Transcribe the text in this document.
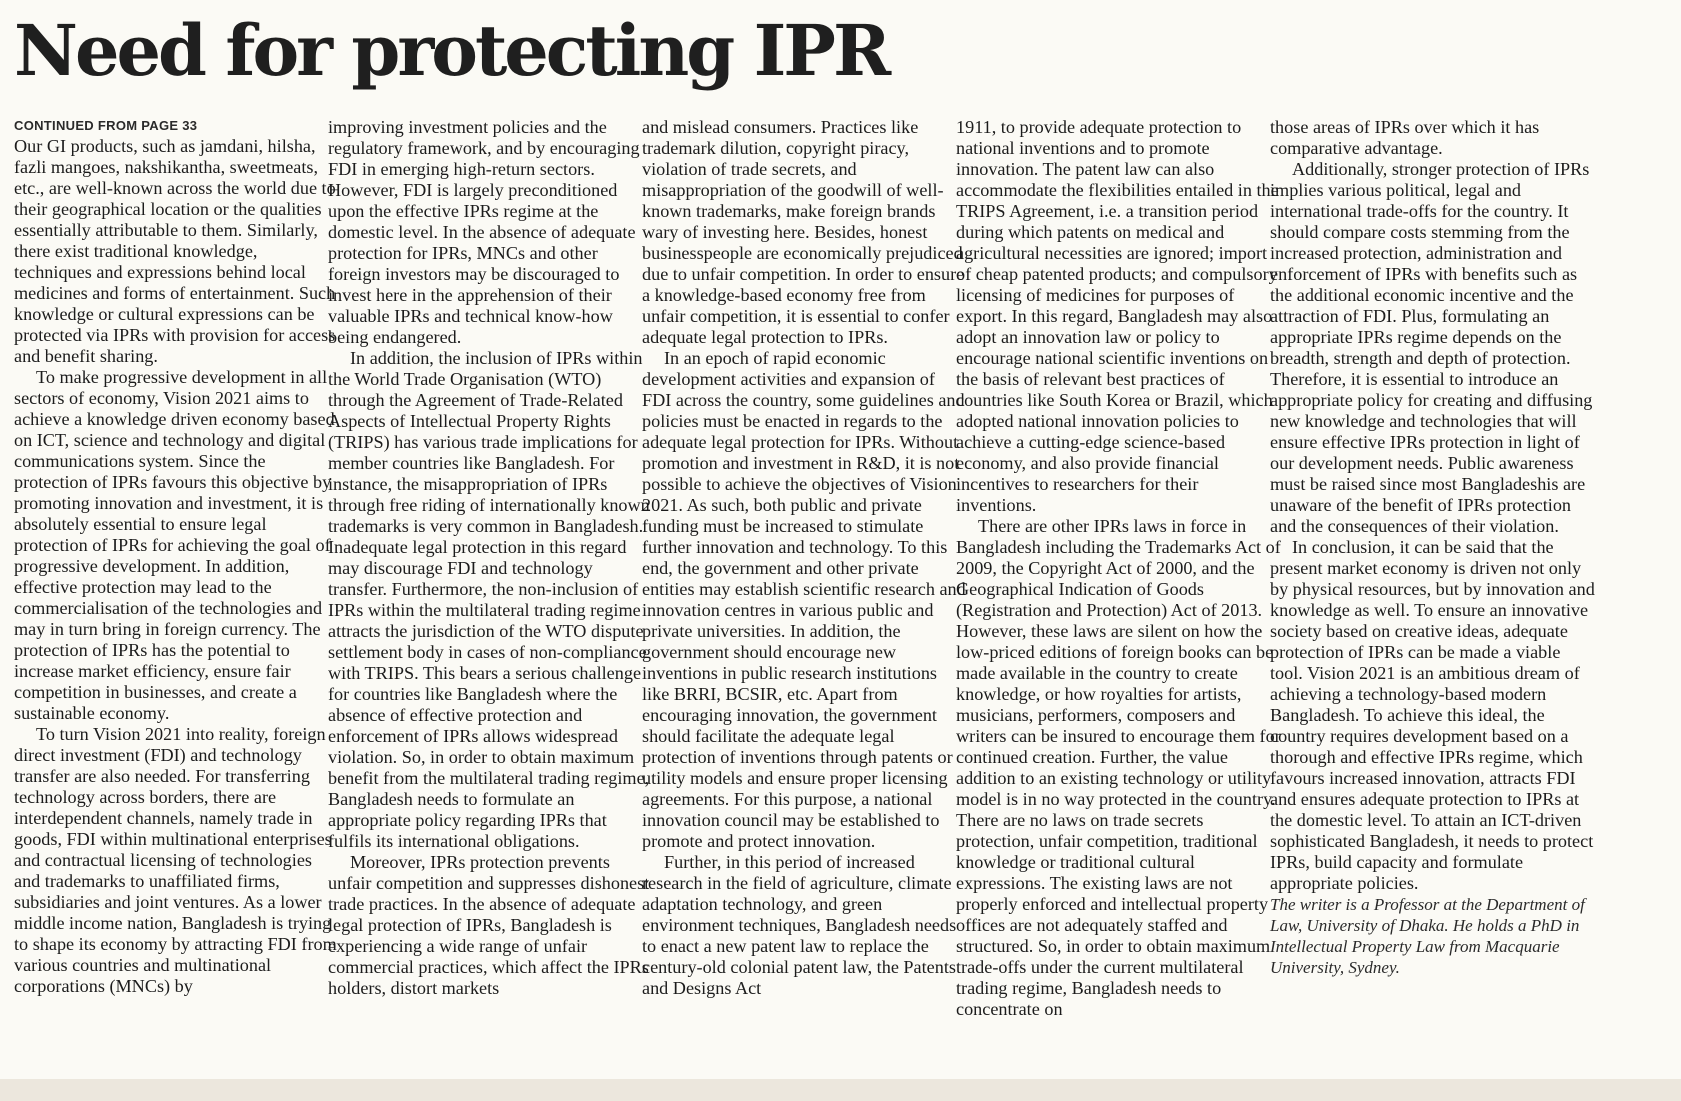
Need for protecting IPR
CONTINUED FROM PAGE 33

Our GI products, such as jamdani, hilsha, fazli mangoes, nakshikantha, sweetmeats, etc., are well-known across the world due to their geographical location or the qualities essentially attributable to them. Similarly, there exist traditional knowledge, techniques and expressions behind local medicines and forms of entertainment. Such knowledge or cultural expressions can be protected via IPRs with provision for access and benefit sharing.

To make progressive development in all sectors of economy, Vision 2021 aims to achieve a knowledge driven economy based on ICT, science and technology and digital communications system. Since the protection of IPRs favours this objective by promoting innovation and investment, it is absolutely essential to ensure legal protection of IPRs for achieving the goal of progressive development. In addition, effective protection may lead to the commercialisation of the technologies and may in turn bring in foreign currency. The protection of IPRs has the potential to increase market efficiency, ensure fair competition in businesses, and create a sustainable economy.

To turn Vision 2021 into reality, foreign direct investment (FDI) and technology transfer are also needed. For transferring technology across borders, there are interdependent channels, namely trade in goods, FDI within multinational enterprises and contractual licensing of technologies and trademarks to unaffiliated firms, subsidiaries and joint ventures. As a lower middle income nation, Bangladesh is trying to shape its economy by attracting FDI from various countries and multinational corporations (MNCs) by

improving investment policies and the regulatory framework, and by encouraging FDI in emerging high-return sectors. However, FDI is largely preconditioned upon the effective IPRs regime at the domestic level. In the absence of adequate protection for IPRs, MNCs and other foreign investors may be discouraged to invest here in the apprehension of their valuable IPRs and technical know-how being endangered.

In addition, the inclusion of IPRs within the World Trade Organisation (WTO) through the Agreement of Trade-Related Aspects of Intellectual Property Rights (TRIPS) has various trade implications for member countries like Bangladesh. For instance, the misappropriation of IPRs through free riding of internationally known trademarks is very common in Bangladesh. Inadequate legal protection in this regard may discourage FDI and technology transfer. Furthermore, the non-inclusion of IPRs within the multilateral trading regime attracts the jurisdiction of the WTO dispute settlement body in cases of non-compliance with TRIPS. This bears a serious challenge for countries like Bangladesh where the absence of effective protection and enforcement of IPRs allows widespread violation. So, in order to obtain maximum benefit from the multilateral trading regime, Bangladesh needs to formulate an appropriate policy regarding IPRs that fulfils its international obligations.

Moreover, IPRs protection prevents unfair competition and suppresses dishonest trade practices. In the absence of adequate legal protection of IPRs, Bangladesh is experiencing a wide range of unfair commercial practices, which affect the IPRs holders, distort markets

and mislead consumers. Practices like trademark dilution, copyright piracy, violation of trade secrets, and misappropriation of the goodwill of well-known trademarks, make foreign brands wary of investing here. Besides, honest businesspeople are economically prejudiced due to unfair competition. In order to ensure a knowledge-based economy free from unfair competition, it is essential to confer adequate legal protection to IPRs.

In an epoch of rapid economic development activities and expansion of FDI across the country, some guidelines and policies must be enacted in regards to the adequate legal protection for IPRs. Without promotion and investment in R&D, it is not possible to achieve the objectives of Vision 2021. As such, both public and private funding must be increased to stimulate further innovation and technology. To this end, the government and other private entities may establish scientific research and innovation centres in various public and private universities. In addition, the government should encourage new inventions in public research institutions like BRRI, BCSIR, etc. Apart from encouraging innovation, the government should facilitate the adequate legal protection of inventions through patents or utility models and ensure proper licensing agreements. For this purpose, a national innovation council may be established to promote and protect innovation.

Further, in this period of increased research in the field of agriculture, climate adaptation technology, and green environment techniques, Bangladesh needs to enact a new patent law to replace the century-old colonial patent law, the Patents and Designs Act

1911, to provide adequate protection to national inventions and to promote innovation. The patent law can also accommodate the flexibilities entailed in the TRIPS Agreement, i.e. a transition period during which patents on medical and agricultural necessities are ignored; import of cheap patented products; and compulsory licensing of medicines for purposes of export. In this regard, Bangladesh may also adopt an innovation law or policy to encourage national scientific inventions on the basis of relevant best practices of countries like South Korea or Brazil, which adopted national innovation policies to achieve a cutting-edge science-based economy, and also provide financial incentives to researchers for their inventions.

There are other IPRs laws in force in Bangladesh including the Trademarks Act of 2009, the Copyright Act of 2000, and the Geographical Indication of Goods (Registration and Protection) Act of 2013. However, these laws are silent on how the low-priced editions of foreign books can be made available in the country to create knowledge, or how royalties for artists, musicians, performers, composers and writers can be insured to encourage them for continued creation. Further, the value addition to an existing technology or utility model is in no way protected in the country. There are no laws on trade secrets protection, unfair competition, traditional knowledge or traditional cultural expressions. The existing laws are not properly enforced and intellectual property offices are not adequately staffed and structured. So, in order to obtain maximum trade-offs under the current multilateral trading regime, Bangladesh needs to concentrate on

those areas of IPRs over which it has comparative advantage.

Additionally, stronger protection of IPRs implies various political, legal and international trade-offs for the country. It should compare costs stemming from the increased protection, administration and enforcement of IPRs with benefits such as the additional economic incentive and the attraction of FDI. Plus, formulating an appropriate IPRs regime depends on the breadth, strength and depth of protection. Therefore, it is essential to introduce an appropriate policy for creating and diffusing new knowledge and technologies that will ensure effective IPRs protection in light of our development needs. Public awareness must be raised since most Bangladeshis are unaware of the benefit of IPRs protection and the consequences of their violation.

In conclusion, it can be said that the present market economy is driven not only by physical resources, but by innovation and knowledge as well. To ensure an innovative society based on creative ideas, adequate protection of IPRs can be made a viable tool. Vision 2021 is an ambitious dream of achieving a technology-based modern Bangladesh. To achieve this ideal, the country requires development based on a thorough and effective IPRs regime, which favours increased innovation, attracts FDI and ensures adequate protection to IPRs at the domestic level. To attain an ICT-driven sophisticated Bangladesh, it needs to protect IPRs, build capacity and formulate appropriate policies.

The writer is a Professor at the Department of Law, University of Dhaka. He holds a PhD in Intellectual Property Law from Macquarie University, Sydney.
